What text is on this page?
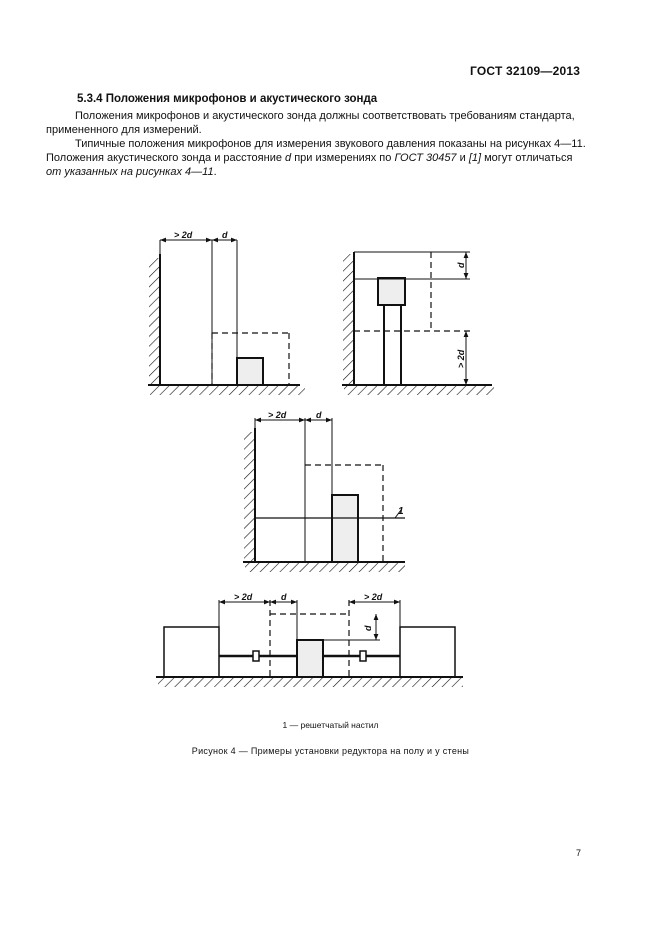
ГОСТ 32109—2013
5.3.4 Положения микрофонов и акустического зонда
Положения микрофонов и акустического зонда должны соответствовать требованиям стандарта, примененного для измерений.
Типичные положения микрофонов для измерения звукового давления показаны на рисунках 4—11. Положения акустического зонда и расстояние d при измерениях по ГОСТ 30457 и [1] могут отличаться от указанных на рисунках 4—11.
> 2d	d
d
> 2d
> 2d	d
1
> 2d	d	> 2d
d
1 — решетчатый настил
Рисунок 4 — Примеры установки редуктора на полу и у стены
7
